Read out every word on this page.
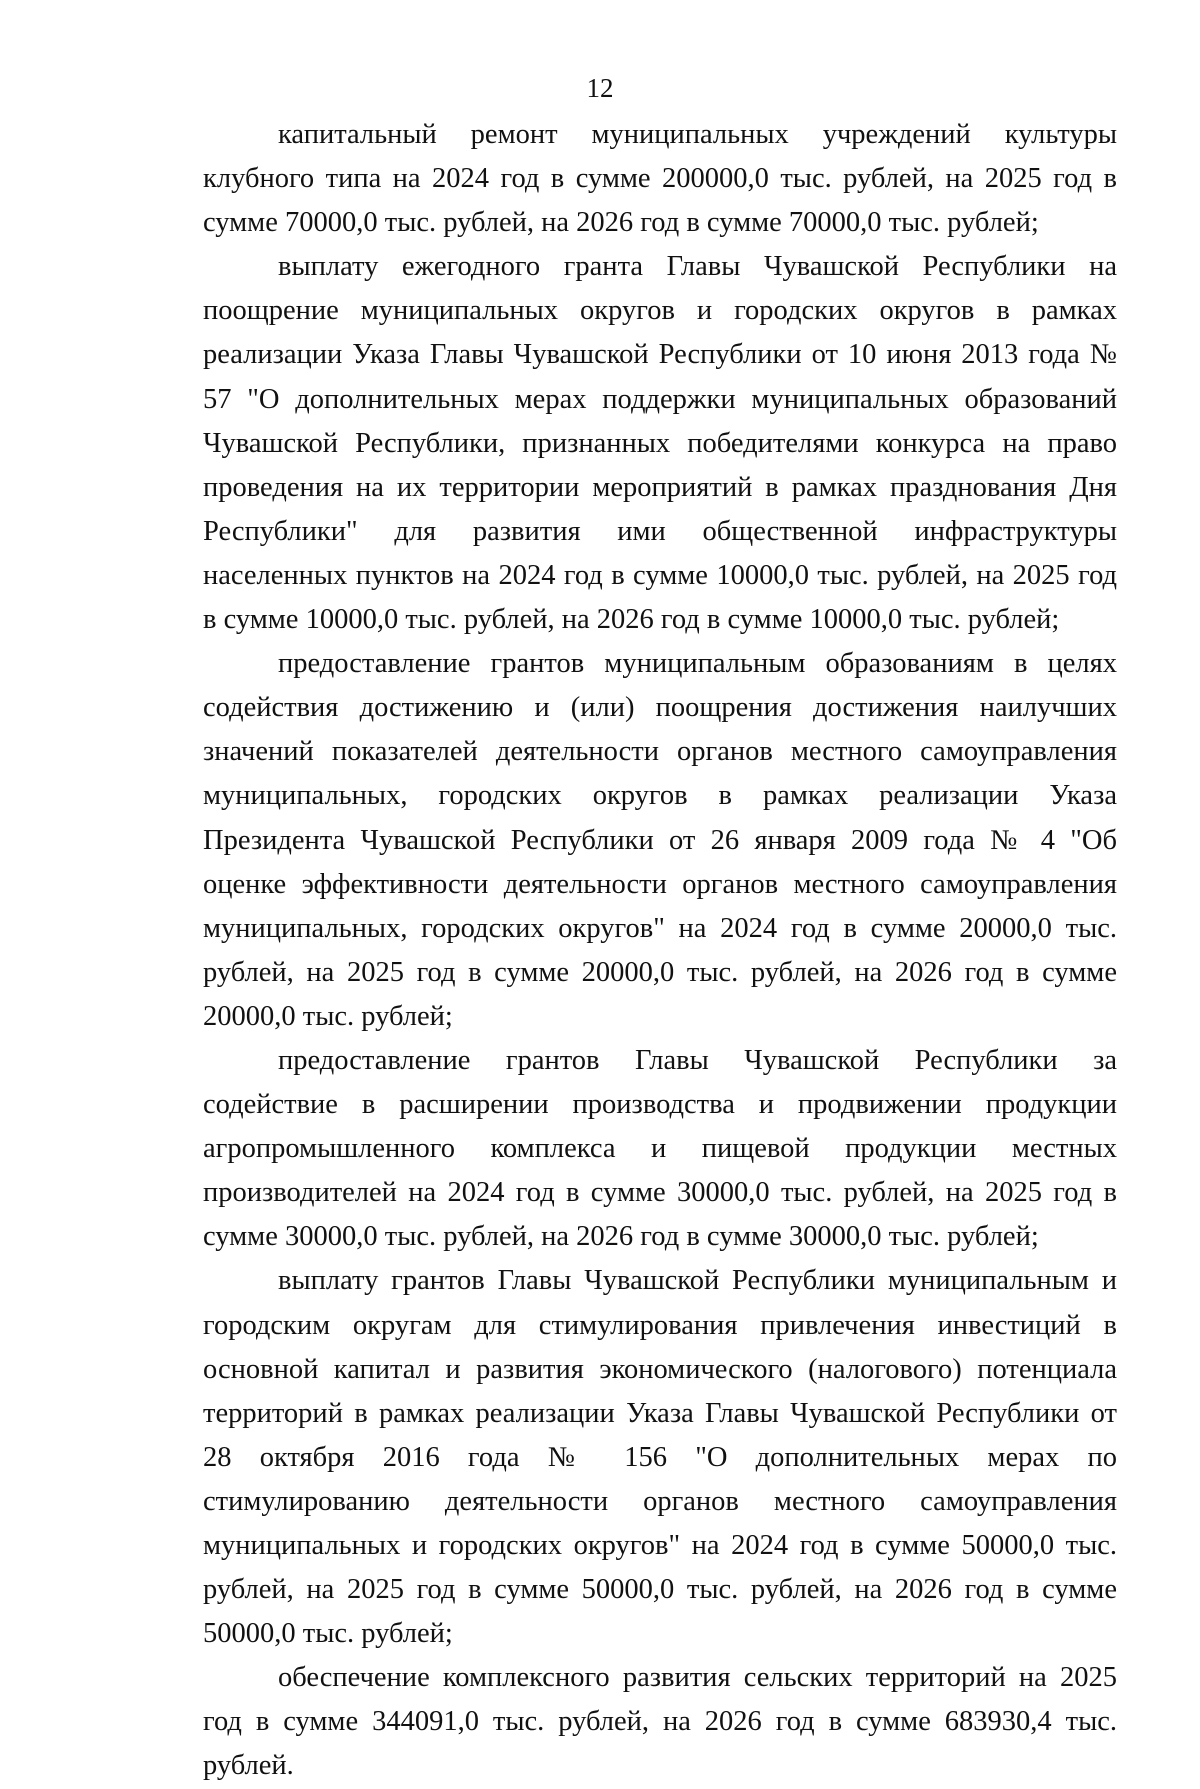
12

капитальный ремонт муниципальных учреждений культуры клубного типа на 2024 год в сумме 200000,0 тыс. рублей, на 2025 год в сумме 70000,0 тыс. рублей, на 2026 год в сумме 70000,0 тыс. рублей;

выплату ежегодного гранта Главы Чувашской Республики на поощрение муниципальных округов и городских округов в рамках реализации Указа Главы Чувашской Республики от 10 июня 2013 года № 57 "О дополнительных мерах поддержки муниципальных образований Чувашской Республики, признанных победителями конкурса на право проведения на их территории мероприятий в рамках празднования Дня Республики" для развития ими общественной инфраструктуры населенных пунктов на 2024 год в сумме 10000,0 тыс. рублей, на 2025 год в сумме 10000,0 тыс. рублей, на 2026 год в сумме 10000,0 тыс. рублей;

предоставление грантов муниципальным образованиям в целях содействия достижению и (или) поощрения достижения наилучших значений показателей деятельности органов местного самоуправления муниципальных, городских округов в рамках реализации Указа Президента Чувашской Республики от 26 января 2009 года № 4 "Об оценке эффективности деятельности органов местного самоуправления муниципальных, городских округов" на 2024 год в сумме 20000,0 тыс. рублей, на 2025 год в сумме 20000,0 тыс. рублей, на 2026 год в сумме 20000,0 тыс. рублей;

предоставление грантов Главы Чувашской Республики за содействие в расширении производства и продвижении продукции агропромышленного комплекса и пищевой продукции местных производителей на 2024 год в сумме 30000,0 тыс. рублей, на 2025 год в сумме 30000,0 тыс. рублей, на 2026 год в сумме 30000,0 тыс. рублей;

выплату грантов Главы Чувашской Республики муниципальным и городским округам для стимулирования привлечения инвестиций в основной капитал и развития экономического (налогового) потенциала территорий в рамках реализации Указа Главы Чувашской Республики от 28 октября 2016 года № 156 "О дополнительных мерах по стимулированию деятельности органов местного самоуправления муниципальных и городских округов" на 2024 год в сумме 50000,0 тыс. рублей, на 2025 год в сумме 50000,0 тыс. рублей, на 2026 год в сумме 50000,0 тыс. рублей;

обеспечение комплексного развития сельских территорий на 2025 год в сумме 344091,0 тыс. рублей, на 2026 год в сумме 683930,4 тыс. рублей.
